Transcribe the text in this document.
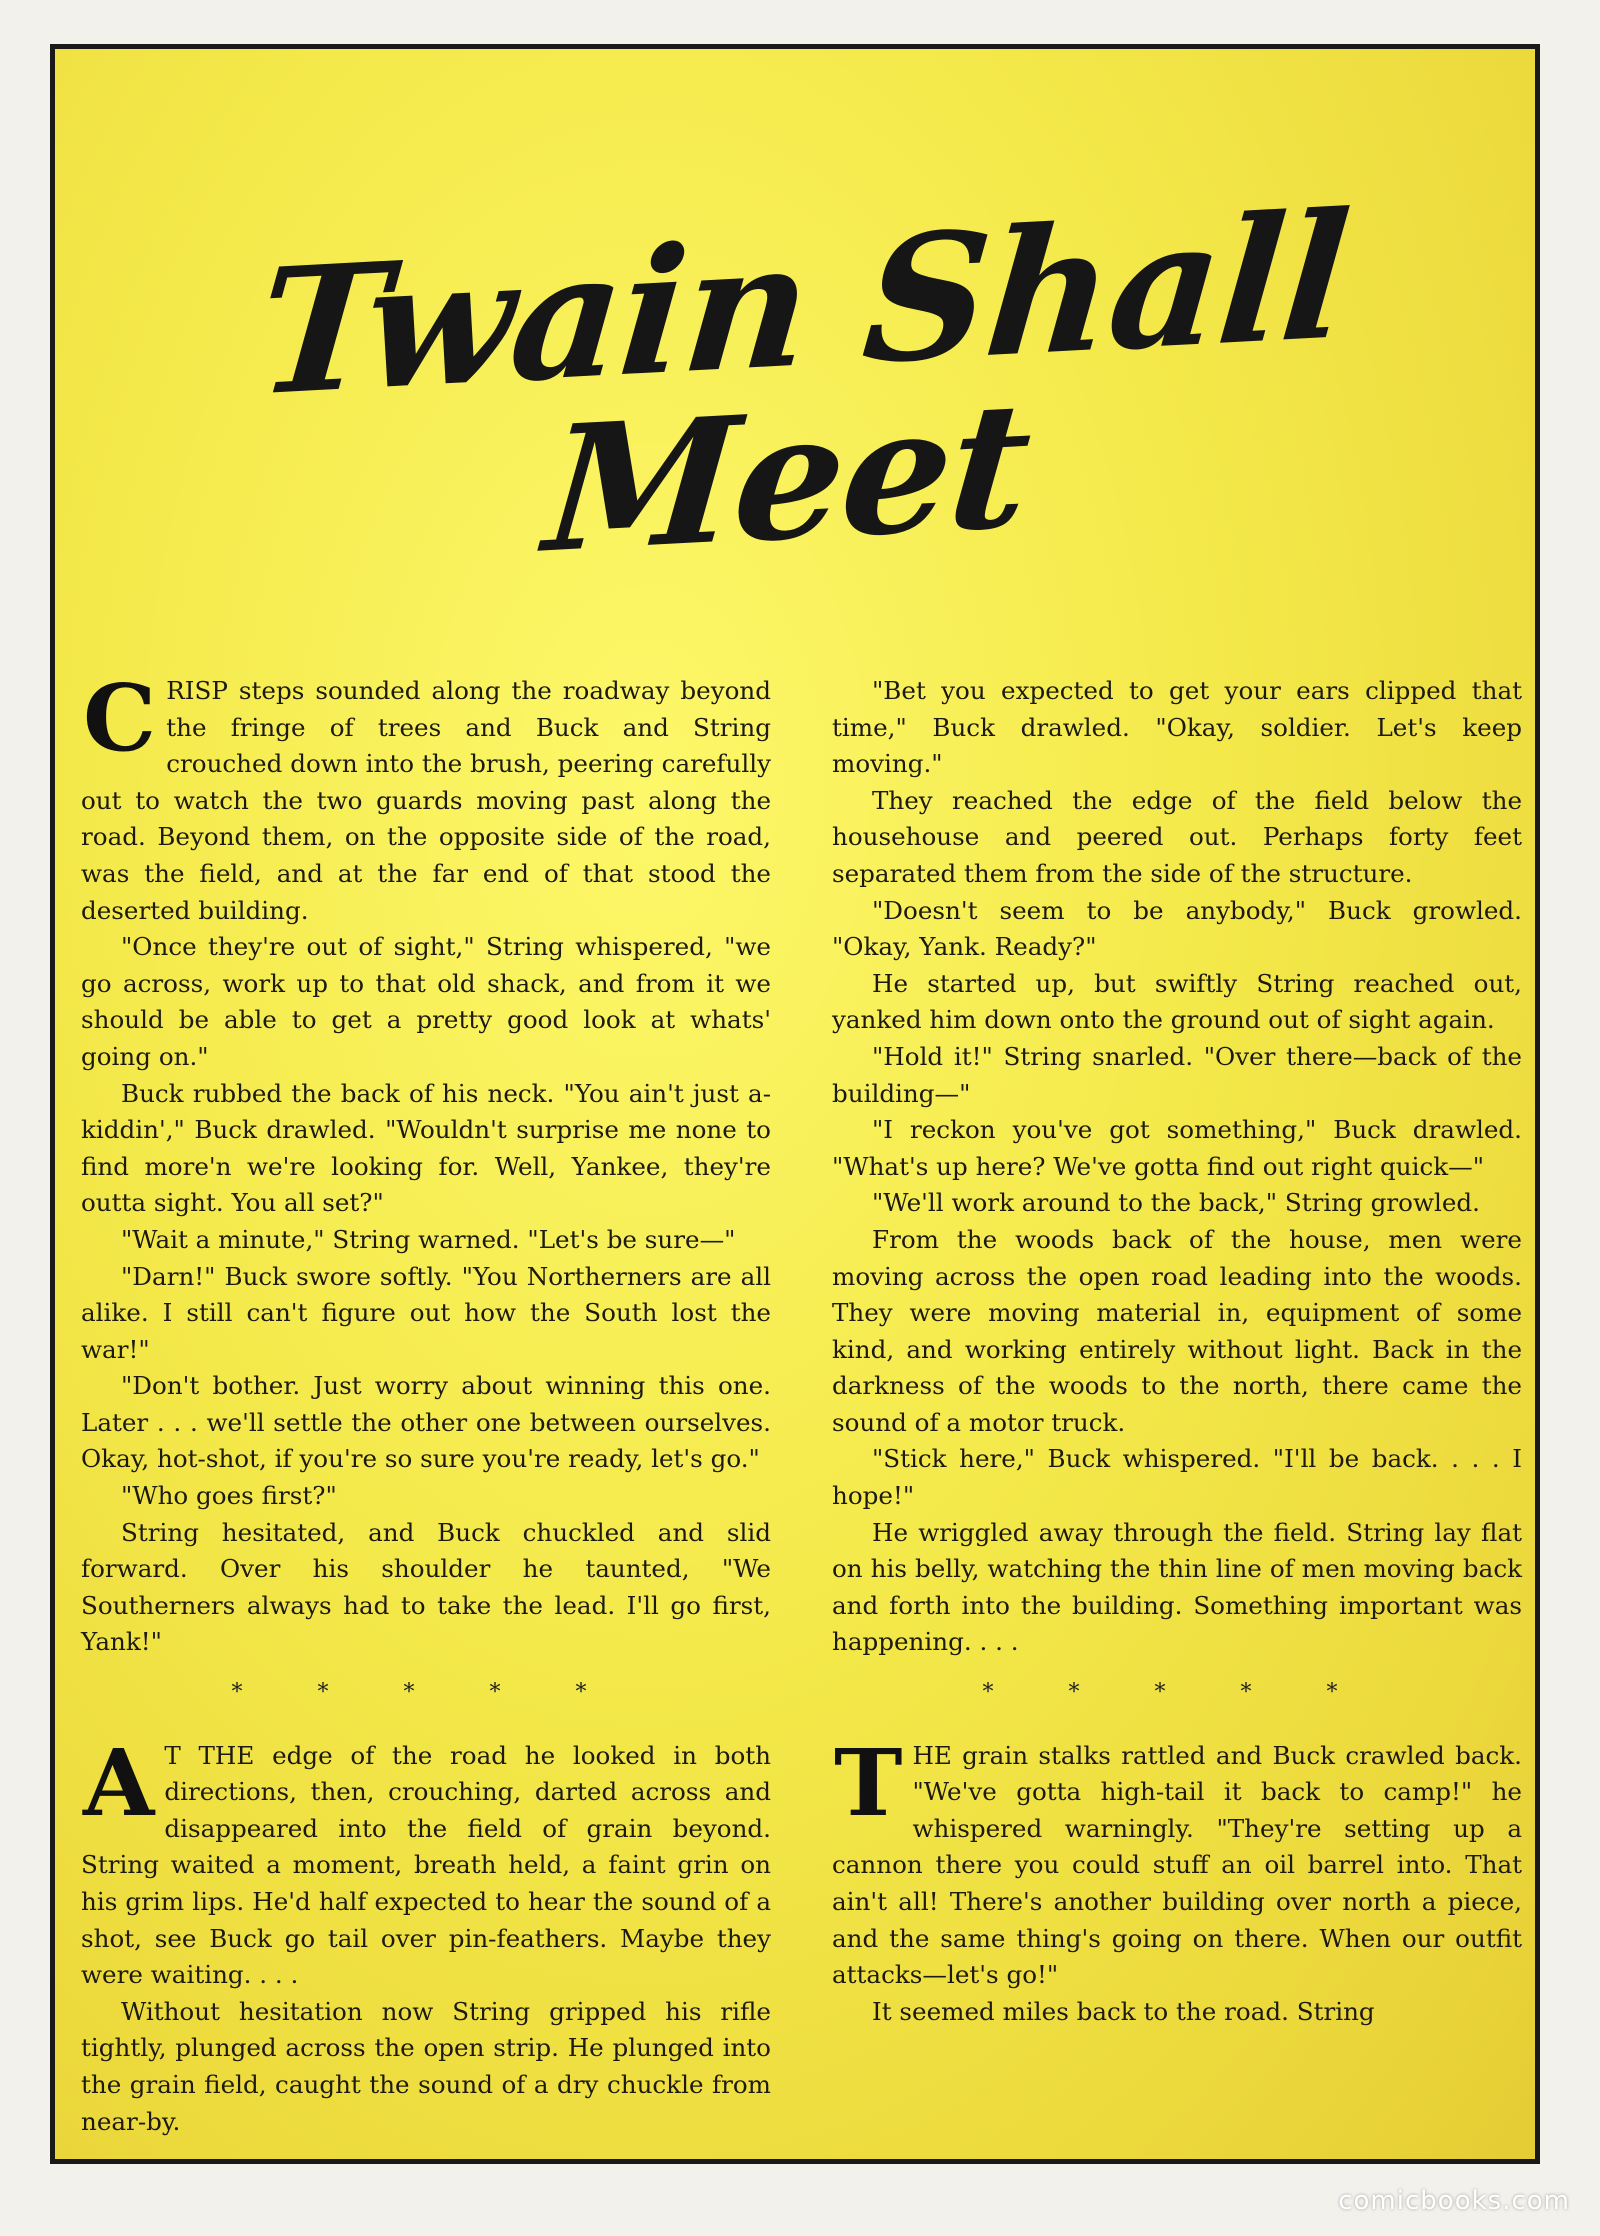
Twain Shall Meet

CRISP steps sounded along the roadway beyond the fringe of trees and Buck and String crouched down into the brush, peering carefully out to watch the two guards moving past along the road. Beyond them, on the opposite side of the road, was the field, and at the far end of that stood the deserted building.

"Once they're out of sight," String whispered, "we go across, work up to that old shack, and from it we should be able to get a pretty good look at whats' going on."

Buck rubbed the back of his neck. "You ain't just a-kiddin'," Buck drawled. "Wouldn't surprise me none to find more'n we're looking for. Well, Yankee, they're outta sight. You all set?"

"Wait a minute," String warned. "Let's be sure—"

"Darn!" Buck swore softly. "You Northerners are all alike. I still can't figure out how the South lost the war!"

"Don't bother. Just worry about winning this one. Later . . . we'll settle the other one between ourselves. Okay, hot-shot, if you're so sure you're ready, let's go."

"Who goes first?"

String hesitated, and Buck chuckled and slid forward. Over his shoulder he taunted, "We Southerners always had to take the lead. I'll go first, Yank!"

* * * * *

A T THE edge of the road he looked in both directions, then, crouching, darted across and disappeared into the field of grain beyond. String waited a moment, breath held, a faint grin on his grim lips. He'd half expected to hear the sound of a shot, see Buck go tail over pin-feathers. Maybe they were waiting. . . .

Without hesitation now String gripped his rifle tightly, plunged across the open strip. He plunged into the grain field, caught the sound of a dry chuckle from near-by.

"Bet you expected to get your ears clipped that time," Buck drawled. "Okay, soldier. Let's keep moving."

They reached the edge of the field below the househouse and peered out. Perhaps forty feet separated them from the side of the structure.

"Doesn't seem to be anybody," Buck growled. "Okay, Yank. Ready?"

He started up, but swiftly String reached out, yanked him down onto the ground out of sight again.

"Hold it!" String snarled. "Over there—back of the building—"

"I reckon you've got something," Buck drawled. "What's up here? We've gotta find out right quick—"

"We'll work around to the back," String growled.

From the woods back of the house, men were moving across the open road leading into the woods. They were moving material in, equipment of some kind, and working entirely without light. Back in the darkness of the woods to the north, there came the sound of a motor truck.

"Stick here," Buck whispered. "I'll be back. . . . I hope!"

He wriggled away through the field. String lay flat on his belly, watching the thin line of men moving back and forth into the building. Something important was happening. . . .

* * * * *

THE grain stalks rattled and Buck crawled back. "We've gotta high-tail it back to camp!" he whispered warningly. "They're setting up a cannon there you could stuff an oil barrel into. That ain't all! There's another building over north a piece, and the same thing's going on there. When our outfit attacks—let's go!"

It seemed miles back to the road. String

comicbooks.com
